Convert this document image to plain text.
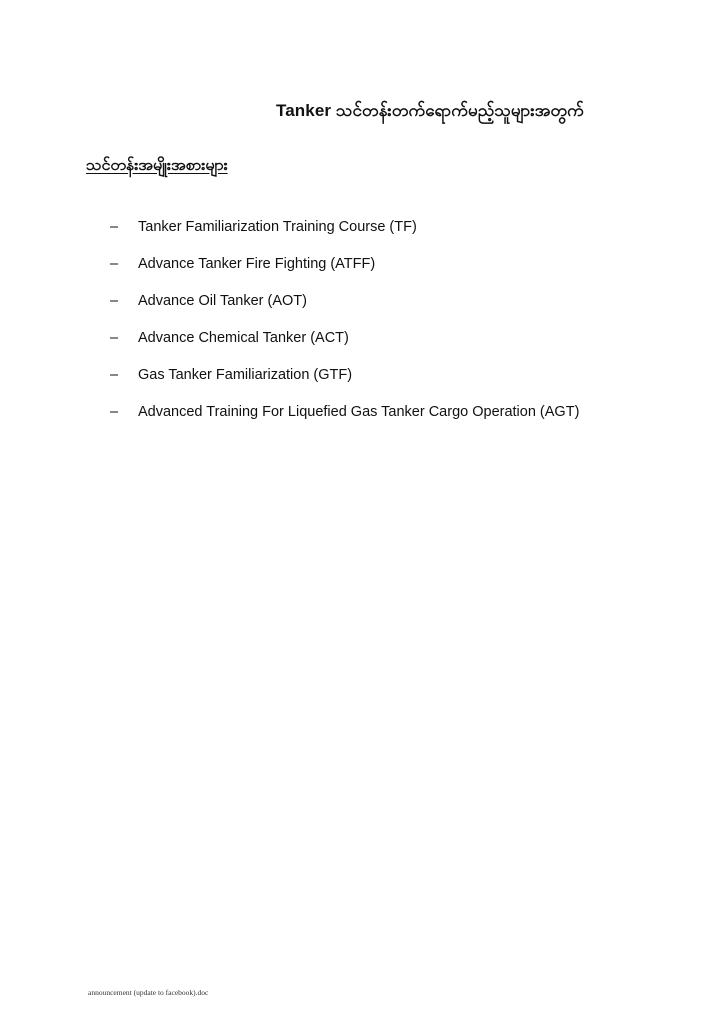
Tanker သင်တန်းတက်ရောက်မည့်သူများအတွက်
သင်တန်းအမျိုးအစားများ
–	Tanker Familiarization Training Course (TF)
–	Advance Tanker Fire Fighting (ATFF)
–	Advance Oil Tanker (AOT)
–	Advance Chemical Tanker (ACT)
–	Gas Tanker Familiarization (GTF)
–	Advanced Training For Liquefied Gas Tanker Cargo Operation (AGT)
announcement (update to facebook).doc
